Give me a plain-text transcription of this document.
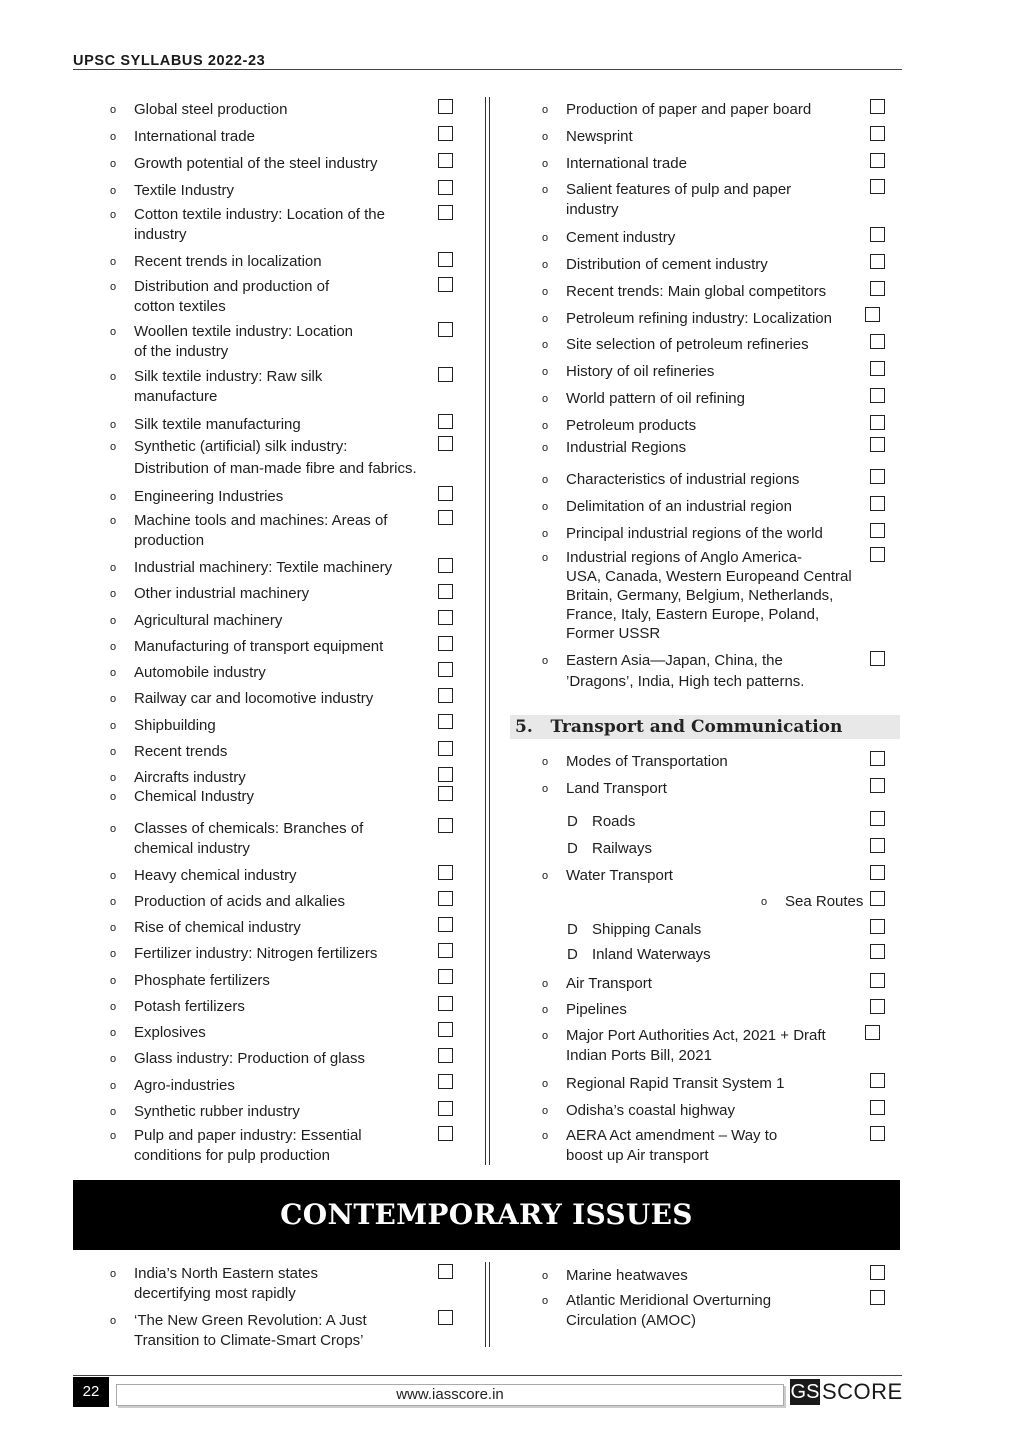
UPSC SYLLABUS 2022-23
o Global steel production
o International trade
o Growth potential of the steel industry
o Textile Industry
o Cotton textile industry: Location of the
industry
o Recent trends in localization
o Distribution and production of
cotton textiles
o Woollen textile industry: Location
of the industry
o Silk textile industry: Raw silk
manufacture
o Silk textile manufacturing
o Synthetic (artificial) silk industry:
Distribution of man-made fibre and fabrics.
o Engineering Industries
o Machine tools and machines: Areas of
production
o Industrial machinery: Textile machinery
o Other industrial machinery
o Agricultural machinery
o Manufacturing of transport equipment
o Automobile industry
o Railway car and locomotive industry
o Shipbuilding
o Recent trends
o Aircrafts industry
o Chemical Industry
o Classes of chemicals: Branches of
chemical industry
o Heavy chemical industry
o Production of acids and alkalies
o Rise of chemical industry
o Fertilizer industry: Nitrogen fertilizers
o Phosphate fertilizers
o Potash fertilizers
o Explosives
o Glass industry: Production of glass
o Agro-industries
o Synthetic rubber industry
o Pulp and paper industry: Essential
conditions for pulp production
o Production of paper and paper board
o Newsprint
o International trade
o Salient features of pulp and paper
industry
o Cement industry
o Distribution of cement industry
o Recent trends: Main global competitors
o Petroleum refining industry: Localization
o Site selection of petroleum refineries
o History of oil refineries
o World pattern of oil refining
o Petroleum products
o Industrial Regions
o Characteristics of industrial regions
o Delimitation of an industrial region
o Principal industrial regions of the world
o Industrial regions of Anglo America-
USA, Canada, Western Europeand Central
Britain, Germany, Belgium, Netherlands,
France, Italy, Eastern Europe, Poland,
Former USSR
o Eastern Asia—Japan, China, the
’Dragons’, India, High tech patterns.
5.   Transport and Communication
o Modes of Transportation
o Land Transport
D Roads
D Railways
o Water Transport
o Sea Routes
D Shipping Canals
D Inland Waterways
o Air Transport
o Pipelines
o Major Port Authorities Act, 2021 + Draft
Indian Ports Bill, 2021
o Regional Rapid Transit System 1
o Odisha’s coastal highway
o AERA Act amendment – Way to
boost up Air transport
CONTEMPORARY ISSUES
o India’s North Eastern states
decertifying most rapidly
o ‘The New Green Revolution: A Just
Transition to Climate-Smart Crops’
o Marine heatwaves
o Atlantic Meridional Overturning
Circulation (AMOC)
22	www.iasscore.in	GS SCORE
